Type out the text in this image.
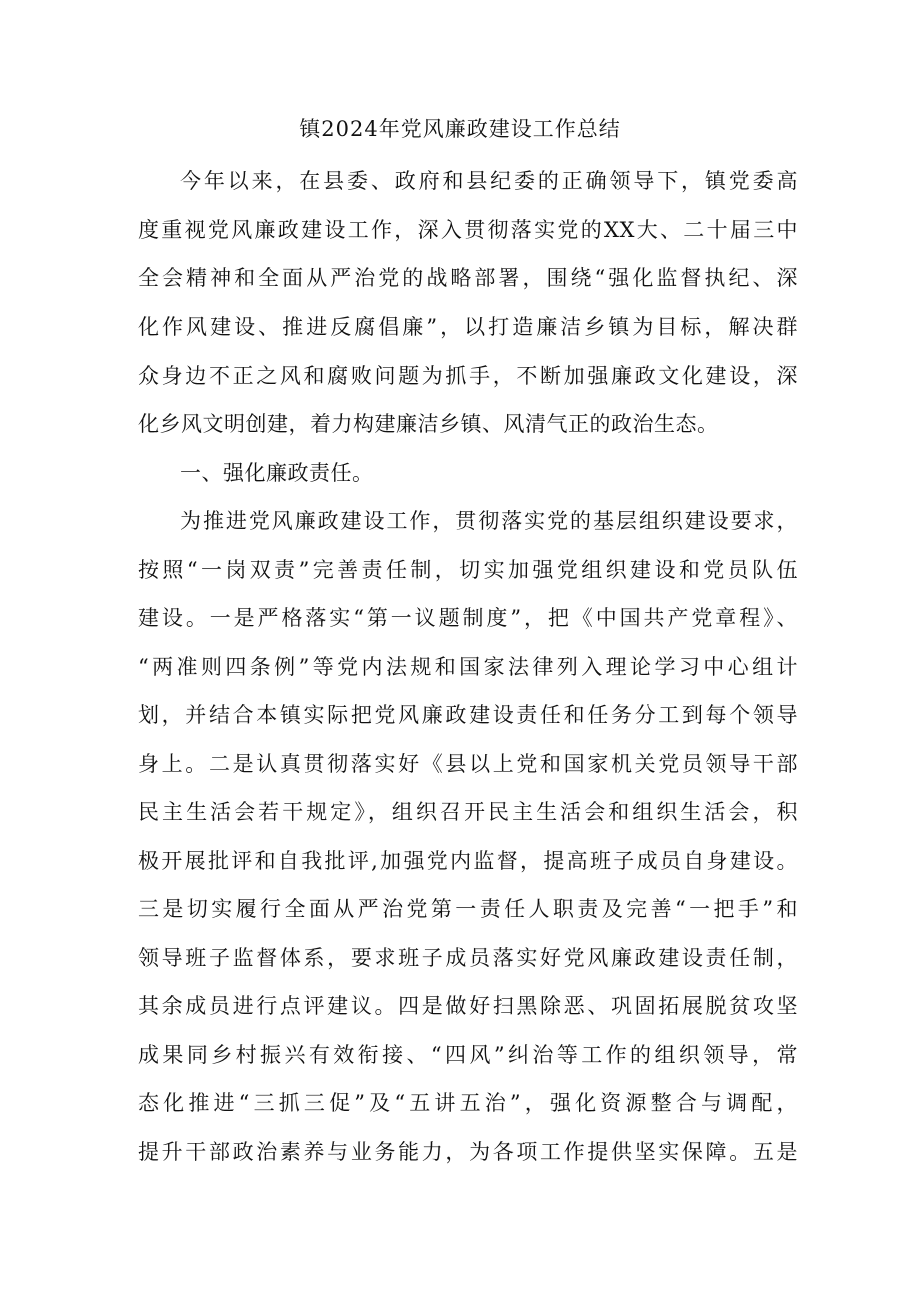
镇2024年党风廉政建设工作总结
今年以来，在县委、政府和县纪委的正确领导下，镇党委高
度重视党风廉政建设工作，深入贯彻落实党的XX大、二十届三中
全会精神和全面从严治党的战略部署，围绕“强化监督执纪、深
化作风建设、推进反腐倡廉”，以打造廉洁乡镇为目标，解决群
众身边不正之风和腐败问题为抓手，不断加强廉政文化建设，深
化乡风文明创建，着力构建廉洁乡镇、风清气正的政治生态。
一、强化廉政责任。
为推进党风廉政建设工作，贯彻落实党的基层组织建设要求，
按照“一岗双责”完善责任制，切实加强党组织建设和党员队伍
建设。一是严格落实“第一议题制度”，把《中国共产党章程》、
“两准则四条例”等党内法规和国家法律列入理论学习中心组计
划，并结合本镇实际把党风廉政建设责任和任务分工到每个领导
身上。二是认真贯彻落实好《县以上党和国家机关党员领导干部
民主生活会若干规定》，组织召开民主生活会和组织生活会，积
极开展批评和自我批评,加强党内监督，提高班子成员自身建设。
三是切实履行全面从严治党第一责任人职责及完善“一把手”和
领导班子监督体系，要求班子成员落实好党风廉政建设责任制，
其余成员进行点评建议。四是做好扫黑除恶、巩固拓展脱贫攻坚
成果同乡村振兴有效衔接、“四风”纠治等工作的组织领导，常
态化推进“三抓三促”及“五讲五治”，强化资源整合与调配，
提升干部政治素养与业务能力，为各项工作提供坚实保障。五是
